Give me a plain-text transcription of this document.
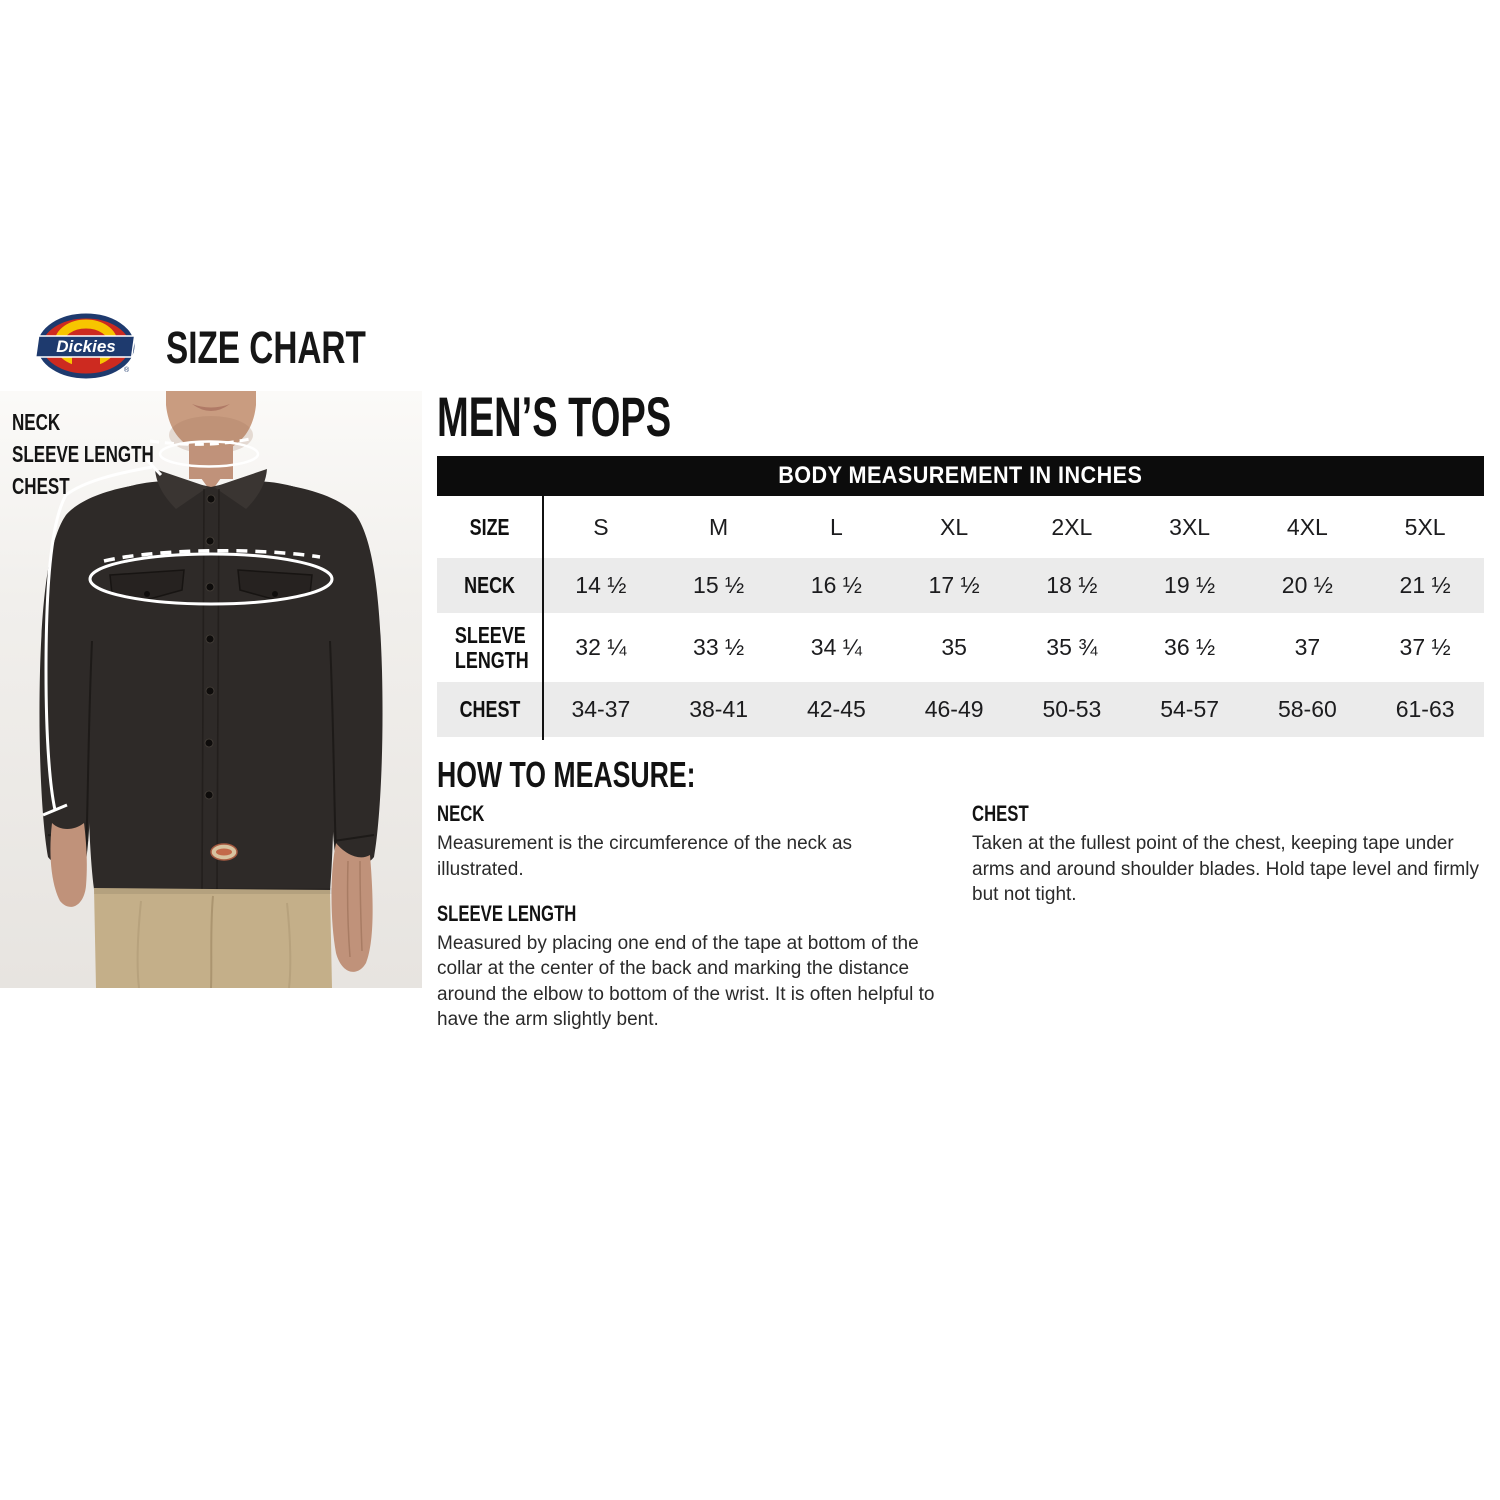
Dickies
® SIZE CHART
NECK
SLEEVE LENGTH
CHEST
MEN’S TOPS
BODY MEASUREMENT IN INCHES
SIZE	S	M	L	XL	2XL	3XL	4XL	5XL
NECK	14 ½	15 ½	16 ½	17 ½	18 ½	19 ½	20 ½	21 ½
SLEEVE LENGTH	32 ¼	33 ½	34 ¼	35	35 ¾	36 ½	37	37 ½
CHEST	34-37	38-41	42-45	46-49	50-53	54-57	58-60	61-63
HOW TO MEASURE:
NECK

Measurement is the circumference of the neck as illustrated.

SLEEVE LENGTH

Measured by placing one end of the tape at bottom of the collar at the center of the back and marking the distance around the elbow to bottom of the wrist. It is often helpful to have the arm slightly bent.

CHEST

Taken at the fullest point of the chest, keeping tape under arms and around shoulder blades. Hold tape level and firmly but not tight.
